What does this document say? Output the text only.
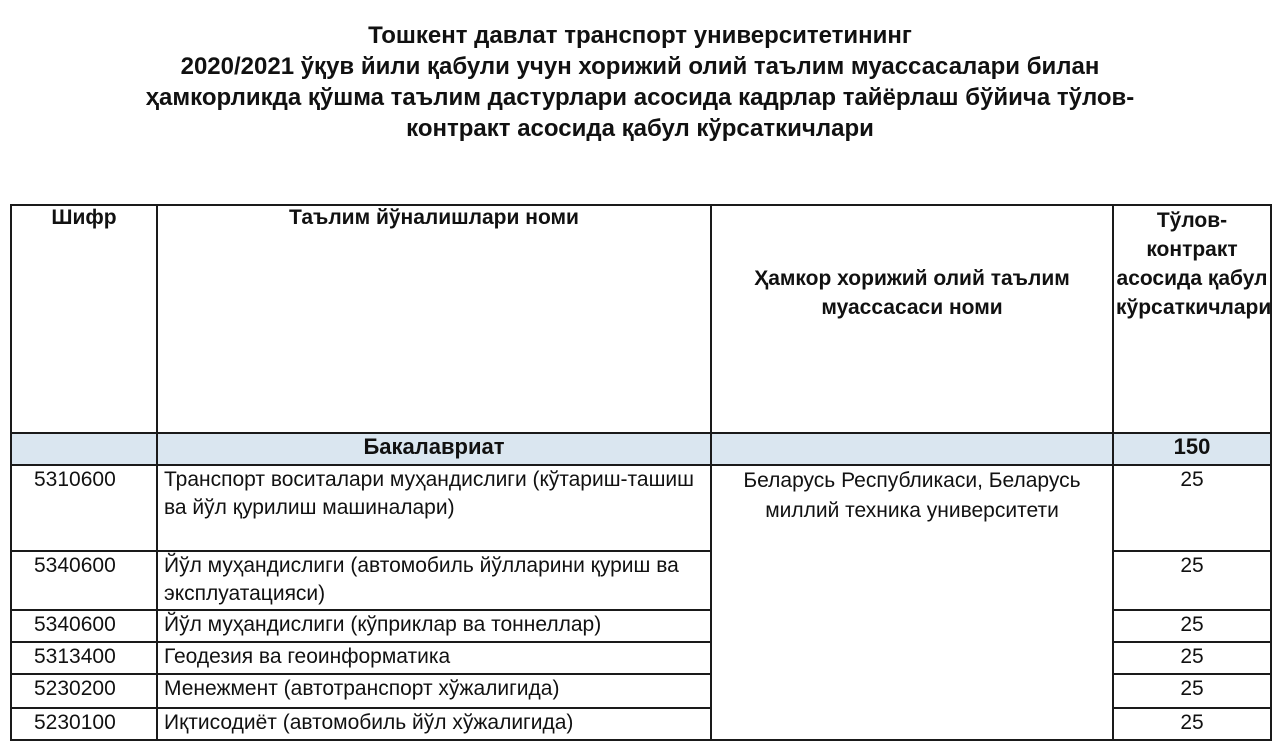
Тошкент давлат транспорт университетининг
2020/2021 ўқув йили қабули учун хорижий олий таълим муассасалари билан
ҳамкорликда қўшма таълим дастурлари асосида кадрлар тайёрлаш бўйича тўлов-
контракт асосида қабул кўрсаткичлари
Шифр	Таълим йўналишлари номи	Ҳамкор хорижий олий таълим муассасаси номи	Тўлов-контракт асосида қабул кўрсаткичлари
	Бакалавриат		150
5310600	Транспорт воситалари муҳандислиги (кўтариш-ташиш ва йўл қурилиш машиналари)	Беларусь Республикаси, Беларусь миллий техника университети	25
5340600	Йўл муҳандислиги (автомобиль йўлларини қуриш ва эксплуатацияси)		25
5340600	Йўл муҳандислиги (кўприклар ва тоннеллар)		25
5313400	Геодезия ва геоинформатика		25
5230200	Менежмент (автотранспорт хўжалигида)		25
5230100	Иқтисодиёт (автомобиль йўл хўжалигида)		25
